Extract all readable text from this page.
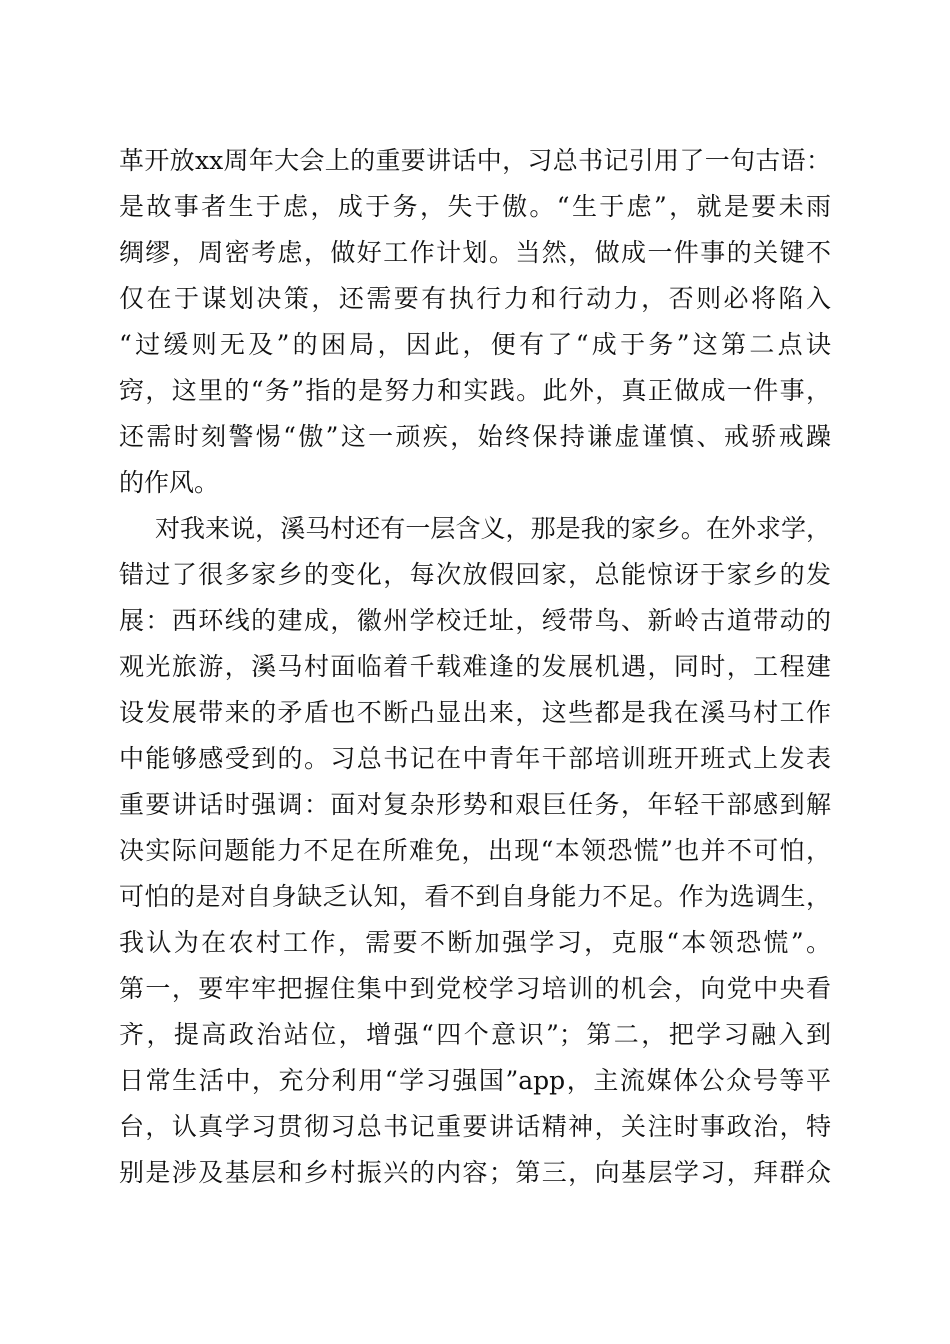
革开放xx周年大会上的重要讲话中，习总书记引用了一句古语：
是故事者生于虑，成于务，失于傲。“生于虑”，就是要未雨
绸缪，周密考虑，做好工作计划。当然，做成一件事的关键不
仅在于谋划决策，还需要有执行力和行动力，否则必将陷入
“过缓则无及”的困局，因此，便有了“成于务”这第二点诀
窍，这里的“务”指的是努力和实践。此外，真正做成一件事，
还需时刻警惕“傲”这一顽疾，始终保持谦虚谨慎、戒骄戒躁
的作风。
对我来说，溪马村还有一层含义，那是我的家乡。在外求学，
错过了很多家乡的变化，每次放假回家，总能惊讶于家乡的发
展：西环线的建成，徽州学校迁址，绶带鸟、新岭古道带动的
观光旅游，溪马村面临着千载难逢的发展机遇，同时，工程建
设发展带来的矛盾也不断凸显出来，这些都是我在溪马村工作
中能够感受到的。习总书记在中青年干部培训班开班式上发表
重要讲话时强调：面对复杂形势和艰巨任务，年轻干部感到解
决实际问题能力不足在所难免，出现“本领恐慌”也并不可怕，
可怕的是对自身缺乏认知，看不到自身能力不足。作为选调生，
我认为在农村工作，需要不断加强学习，克服“本领恐慌”。
第一，要牢牢把握住集中到党校学习培训的机会，向党中央看
齐，提高政治站位，增强“四个意识”；第二，把学习融入到
日常生活中，充分利用“学习强国”app，主流媒体公众号等平
台，认真学习贯彻习总书记重要讲话精神，关注时事政治，特
别是涉及基层和乡村振兴的内容；第三，向基层学习，拜群众
